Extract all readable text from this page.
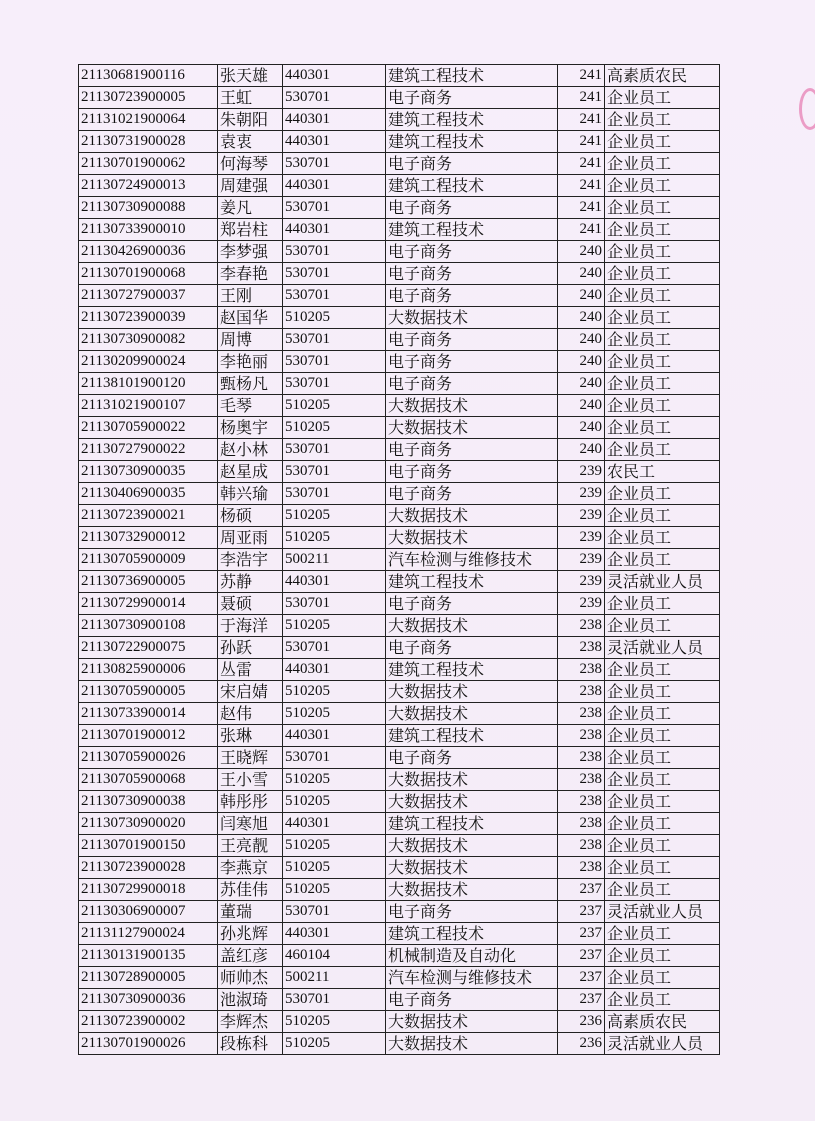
21130681900116	张天雄	440301	建筑工程技术	241	高素质农民
21130723900005	王虹	530701	电子商务	241	企业员工
21131021900064	朱朝阳	440301	建筑工程技术	241	企业员工
21130731900028	袁衷	440301	建筑工程技术	241	企业员工
21130701900062	何海琴	530701	电子商务	241	企业员工
21130724900013	周建强	440301	建筑工程技术	241	企业员工
21130730900088	姜凡	530701	电子商务	241	企业员工
21130733900010	郑岩柱	440301	建筑工程技术	241	企业员工
21130426900036	李梦强	530701	电子商务	240	企业员工
21130701900068	李春艳	530701	电子商务	240	企业员工
21130727900037	王刚	530701	电子商务	240	企业员工
21130723900039	赵国华	510205	大数据技术	240	企业员工
21130730900082	周博	530701	电子商务	240	企业员工
21130209900024	李艳丽	530701	电子商务	240	企业员工
21138101900120	甄杨凡	530701	电子商务	240	企业员工
21131021900107	毛琴	510205	大数据技术	240	企业员工
21130705900022	杨奥宇	510205	大数据技术	240	企业员工
21130727900022	赵小林	530701	电子商务	240	企业员工
21130730900035	赵星成	530701	电子商务	239	农民工
21130406900035	韩兴瑜	530701	电子商务	239	企业员工
21130723900021	杨硕	510205	大数据技术	239	企业员工
21130732900012	周亚雨	510205	大数据技术	239	企业员工
21130705900009	李浩宇	500211	汽车检测与维修技术	239	企业员工
21130736900005	苏静	440301	建筑工程技术	239	灵活就业人员
21130729900014	聂硕	530701	电子商务	239	企业员工
21130730900108	于海洋	510205	大数据技术	238	企业员工
21130722900075	孙跃	530701	电子商务	238	灵活就业人员
21130825900006	丛雷	440301	建筑工程技术	238	企业员工
21130705900005	宋启婧	510205	大数据技术	238	企业员工
21130733900014	赵伟	510205	大数据技术	238	企业员工
21130701900012	张琳	440301	建筑工程技术	238	企业员工
21130705900026	王晓辉	530701	电子商务	238	企业员工
21130705900068	王小雪	510205	大数据技术	238	企业员工
21130730900038	韩彤彤	510205	大数据技术	238	企业员工
21130730900020	闫寒旭	440301	建筑工程技术	238	企业员工
21130701900150	王亮靓	510205	大数据技术	238	企业员工
21130723900028	李燕京	510205	大数据技术	238	企业员工
21130729900018	苏佳伟	510205	大数据技术	237	企业员工
21130306900007	董瑞	530701	电子商务	237	灵活就业人员
21131127900024	孙兆辉	440301	建筑工程技术	237	企业员工
21130131900135	盖红彦	460104	机械制造及自动化	237	企业员工
21130728900005	师帅杰	500211	汽车检测与维修技术	237	企业员工
21130730900036	池淑琦	530701	电子商务	237	企业员工
21130723900002	李辉杰	510205	大数据技术	236	高素质农民
21130701900026	段栋科	510205	大数据技术	236	灵活就业人员
